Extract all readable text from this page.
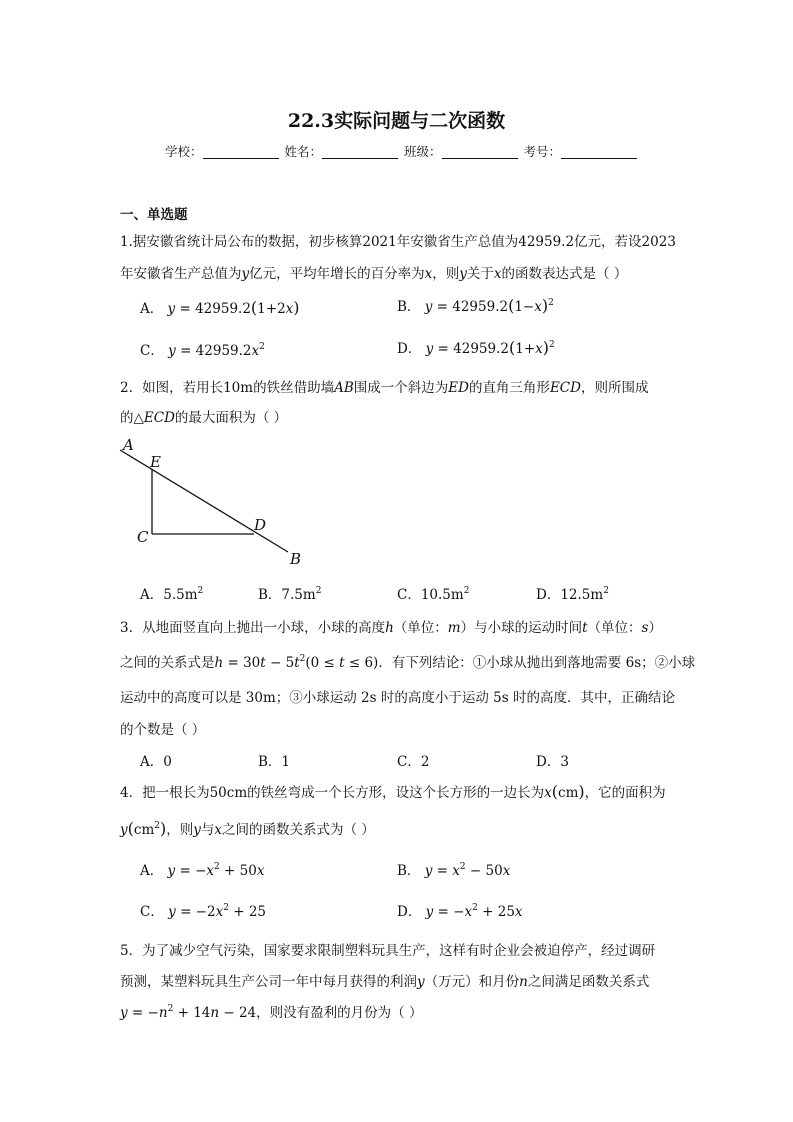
22.3实际问题与二次函数
学校：	姓名：	班级：	考号：
一、单选题
1.据安徽省统计局公布的数据，初步核算2021年安徽省生产总值为42959.2亿元，若设2023
年安徽省生产总值为y亿元，平均年增长的百分率为x，则y关于x的函数表达式是（ ）
A． y = 42959.2(1+2x)	B． $y = 42959.2(1-x)^2$
C． $y = 42959.2x^2$	D． $y = 42959.2(1+x)^2$
2．如图，若用长10m的铁丝借助墙AB围成一个斜边为ED的直角三角形ECD，则所围成
的△ECD的最大面积为（ ）
A
E
C
D
B
A．$5.5m^2$	B．$7.5m^2$	C．$10.5m^2$	D．$12.5m^2$
3．从地面竖直向上抛出一小球，小球的高度h（单位：m）与小球的运动时间t（单位：s）
之间的关系式是$h = 30t - 5t^2(0 \le t \le 6)$．有下列结论：①小球从抛出到落地需要 6s；②小球
运动中的高度可以是 30m；③小球运动 2s 时的高度小于运动 5s 时的高度．其中，正确结论
的个数是（ ）
A．0	B．1	C．2	D．3
4．把一根长为50cm的铁丝弯成一个长方形，设这个长方形的一边长为x(cm)，它的面积为
$y(cm^2)$，则y与x之间的函数关系式为（ ）
A． $y = -x^2 + 50x$	B． $y = x^2 - 50x$
C． $y = -2x^2 + 25$	D． $y = -x^2 + 25x$
5．为了减少空气污染，国家要求限制塑料玩具生产，这样有时企业会被迫停产，经过调研
预测，某塑料玩具生产公司一年中每月获得的利润y（万元）和月份n之间满足函数关系式
$y = -n^2 + 14n - 24$，则没有盈利的月份为（ ）
